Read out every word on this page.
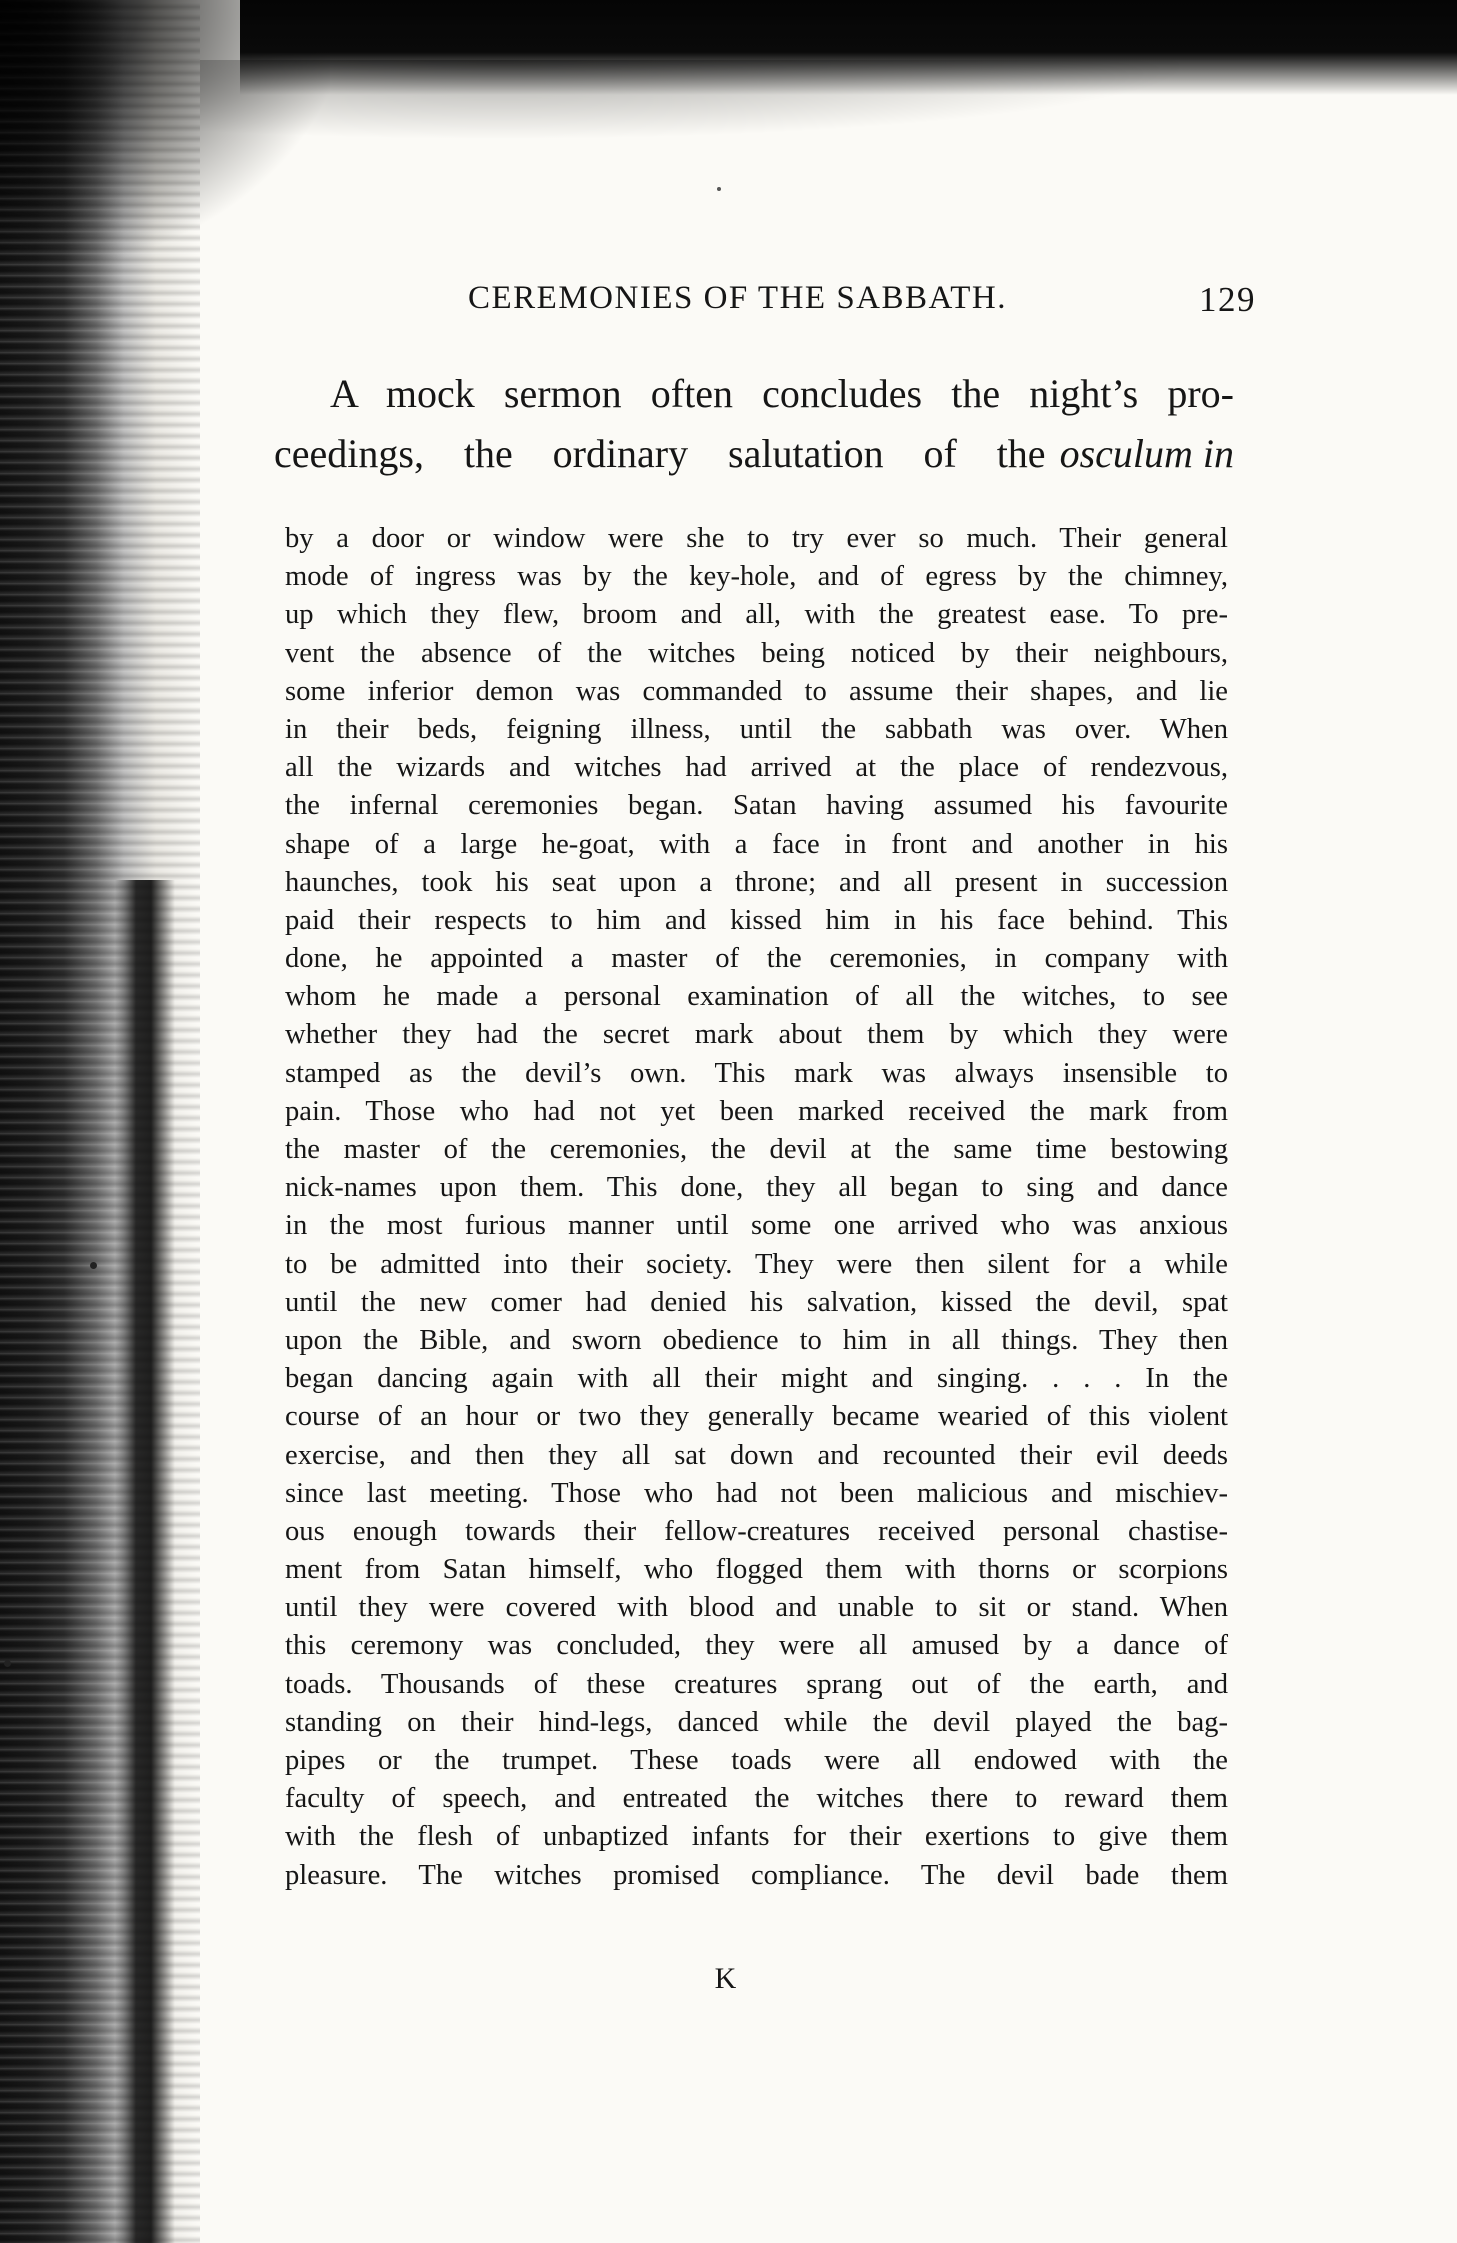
CEREMONIES OF THE SABBATH.	129
A mock sermon often concludes the night’s pro-
ceedings, the ordinary salutation of the osculum in
by a door or window were she to try ever so much. Their general
mode of ingress was by the key-hole, and of egress by the chimney,
up which they flew, broom and all, with the greatest ease. To pre-
vent the absence of the witches being noticed by their neighbours,
some inferior demon was commanded to assume their shapes, and lie
in their beds, feigning illness, until the sabbath was over. When
all the wizards and witches had arrived at the place of rendezvous,
the infernal ceremonies began. Satan having assumed his favourite
shape of a large he-goat, with a face in front and another in his
haunches, took his seat upon a throne; and all present in succession
paid their respects to him and kissed him in his face behind. This
done, he appointed a master of the ceremonies, in company with
whom he made a personal examination of all the witches, to see
whether they had the secret mark about them by which they were
stamped as the devil’s own. This mark was always insensible to
pain. Those who had not yet been marked received the mark from
the master of the ceremonies, the devil at the same time bestowing
nick-names upon them. This done, they all began to sing and dance
in the most furious manner until some one arrived who was anxious
to be admitted into their society. They were then silent for a while
until the new comer had denied his salvation, kissed the devil, spat
upon the Bible, and sworn obedience to him in all things. They then
began dancing again with all their might and singing. . . . In the
course of an hour or two they generally became wearied of this violent
exercise, and then they all sat down and recounted their evil deeds
since last meeting. Those who had not been malicious and mischiev-
ous enough towards their fellow-creatures received personal chastise-
ment from Satan himself, who flogged them with thorns or scorpions
until they were covered with blood and unable to sit or stand. When
this ceremony was concluded, they were all amused by a dance of
toads. Thousands of these creatures sprang out of the earth, and
standing on their hind-legs, danced while the devil played the bag-
pipes or the trumpet. These toads were all endowed with the
faculty of speech, and entreated the witches there to reward them
with the flesh of unbaptized infants for their exertions to give them
pleasure. The witches promised compliance. The devil bade them
K
